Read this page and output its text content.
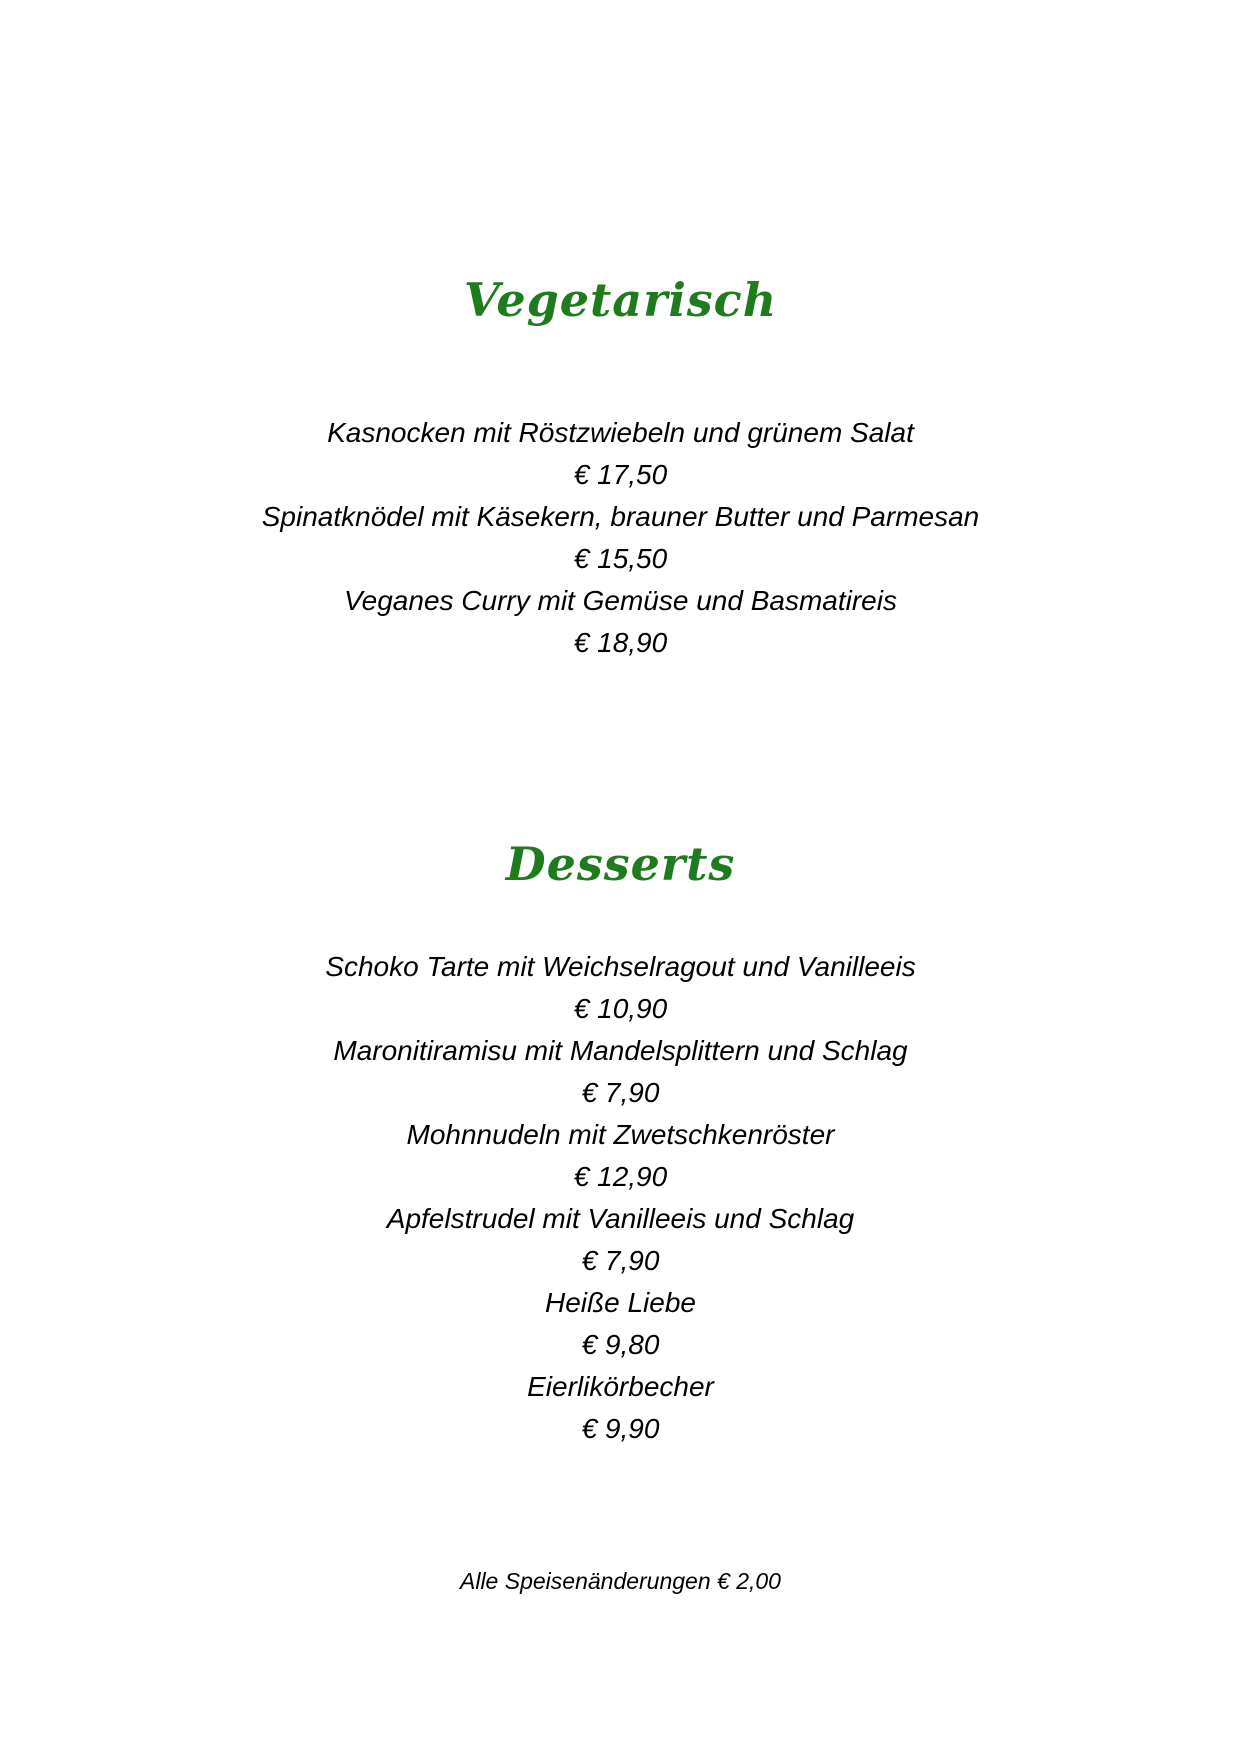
Vegetarisch
Kasnocken mit Röstzwiebeln und grünem Salat
€ 17,50
Spinatknödel mit Käsekern, brauner Butter und Parmesan
€ 15,50
Veganes Curry mit Gemüse und Basmatireis
€ 18,90
Desserts
Schoko Tarte mit Weichselragout und Vanilleeis
€ 10,90
Maronitiramisu mit Mandelsplittern und Schlag
€ 7,90
Mohnnudeln mit Zwetschkenröster
€ 12,90
Apfelstrudel mit Vanilleeis und Schlag
€ 7,90
Heiße Liebe
€ 9,80
Eierlikörbecher
€ 9,90
Alle Speisenänderungen € 2,00
